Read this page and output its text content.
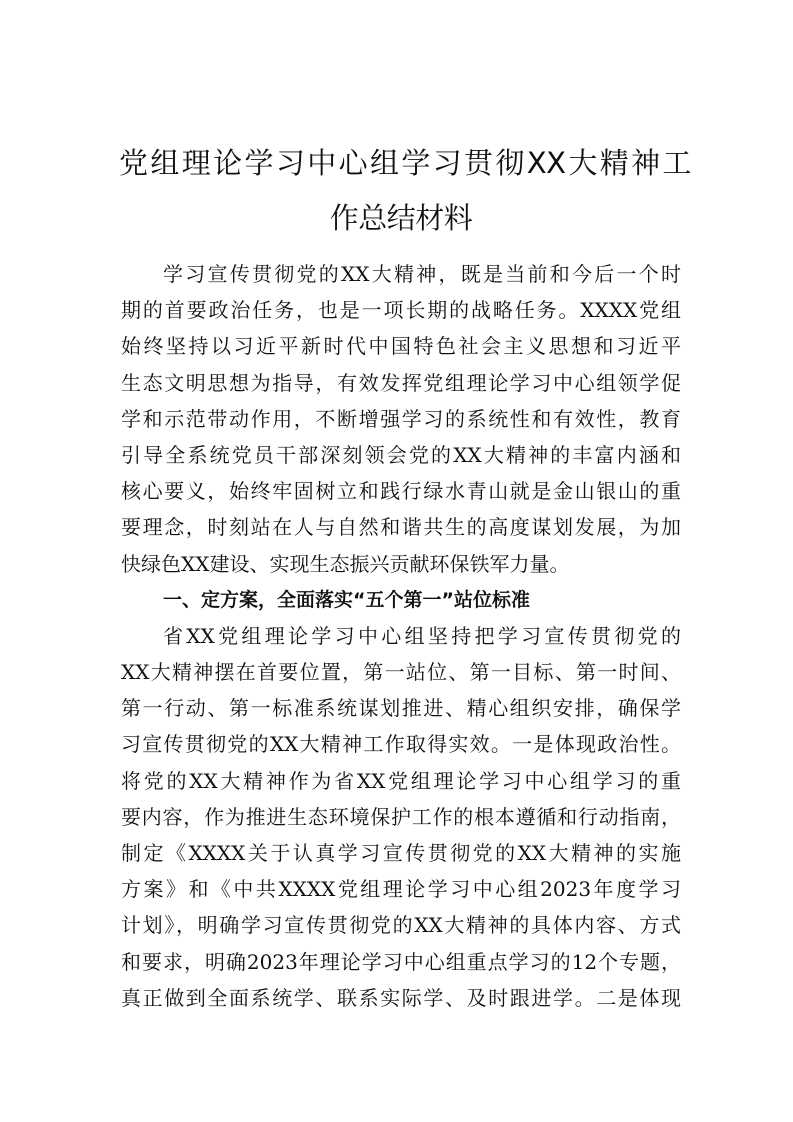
党组理论学习中心组学习贯彻XX大精神工
作总结材料
学习宣传贯彻党的XX大精神，既是当前和今后一个时
期的首要政治任务，也是一项长期的战略任务。XXXX党组
始终坚持以习近平新时代中国特色社会主义思想和习近平
生态文明思想为指导，有效发挥党组理论学习中心组领学促
学和示范带动作用，不断增强学习的系统性和有效性，教育
引导全系统党员干部深刻领会党的XX大精神的丰富内涵和
核心要义，始终牢固树立和践行绿水青山就是金山银山的重
要理念，时刻站在人与自然和谐共生的高度谋划发展，为加
快绿色XX建设、实现生态振兴贡献环保铁军力量。
一、定方案，全面落实“五个第一”站位标准
省XX党组理论学习中心组坚持把学习宣传贯彻党的
XX大精神摆在首要位置，第一站位、第一目标、第一时间、
第一行动、第一标准系统谋划推进、精心组织安排，确保学
习宣传贯彻党的XX大精神工作取得实效。一是体现政治性。
将党的XX大精神作为省XX党组理论学习中心组学习的重
要内容，作为推进生态环境保护工作的根本遵循和行动指南，
制定《XXXX关于认真学习宣传贯彻党的XX大精神的实施
方案》和《中共XXXX党组理论学习中心组2023年度学习
计划》，明确学习宣传贯彻党的XX大精神的具体内容、方式
和要求，明确2023年理论学习中心组重点学习的12个专题，
真正做到全面系统学、联系实际学、及时跟进学。二是体现
